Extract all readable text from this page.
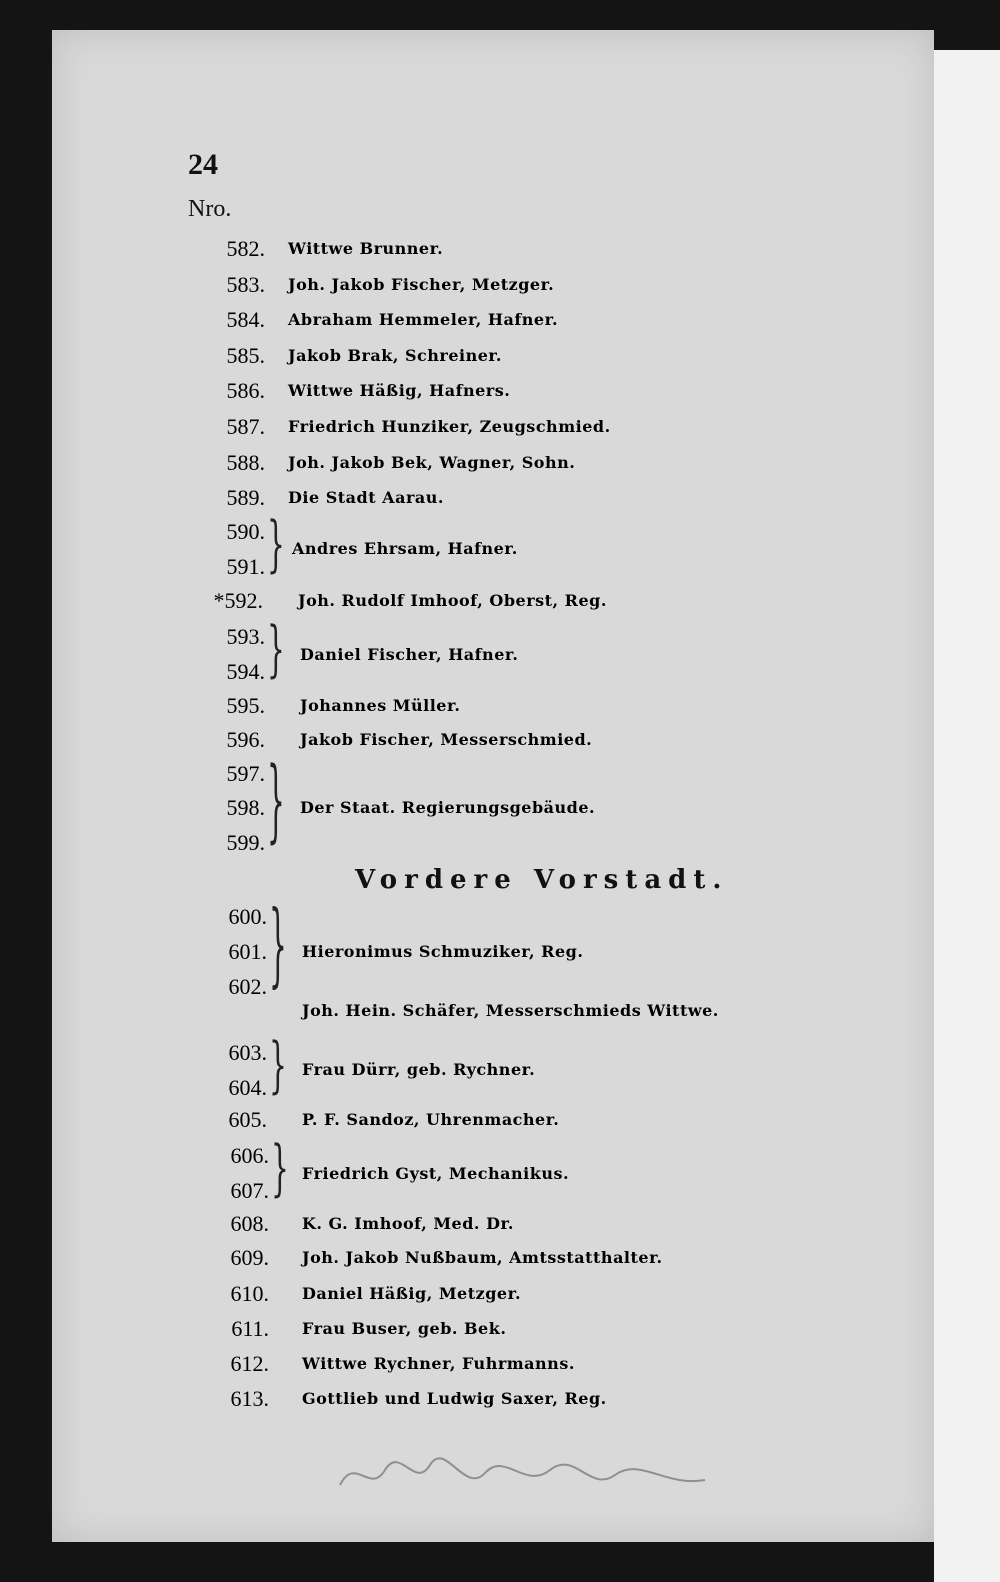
24
Nro.
582. Wittwe Brunner.
583. Joh. Jakob Fischer, Metzger.
584. Abraham Hemmeler, Hafner.
585. Jakob Brak, Schreiner.
586. Wittwe Häßig, Hafners.
587. Friedrich Hunziker, Zeugschmied.
588. Joh. Jakob Bek, Wagner, Sohn.
589. Die Stadt Aarau.
590.
591. } Andres Ehrsam, Hafner.
*592. Joh. Rudolf Imhoof, Oberst, Reg.
593.
594. } Daniel Fischer, Hafner.
595. Johannes Müller.
596. Jakob Fischer, Messerschmied.
597.
598.
599. } Der Staat. Regierungsgebäude.
600.
601.
602. } Hieronimus Schmuziker, Reg.
Joh. Hein. Schäfer, Messerschmieds Wittwe.
603.
604. } Frau Dürr, geb. Rychner.
605. P. F. Sandoz, Uhrenmacher.
606.
607. } Friedrich Gyst, Mechanikus.
608. K. G. Imhoof, Med. Dr.
609. Joh. Jakob Nußbaum, Amtsstatthalter.
610. Daniel Häßig, Metzger.
611. Frau Buser, geb. Bek.
612. Wittwe Rychner, Fuhrmanns.
613. Gottlieb und Ludwig Saxer, Reg.
Vordere Vorstadt.
